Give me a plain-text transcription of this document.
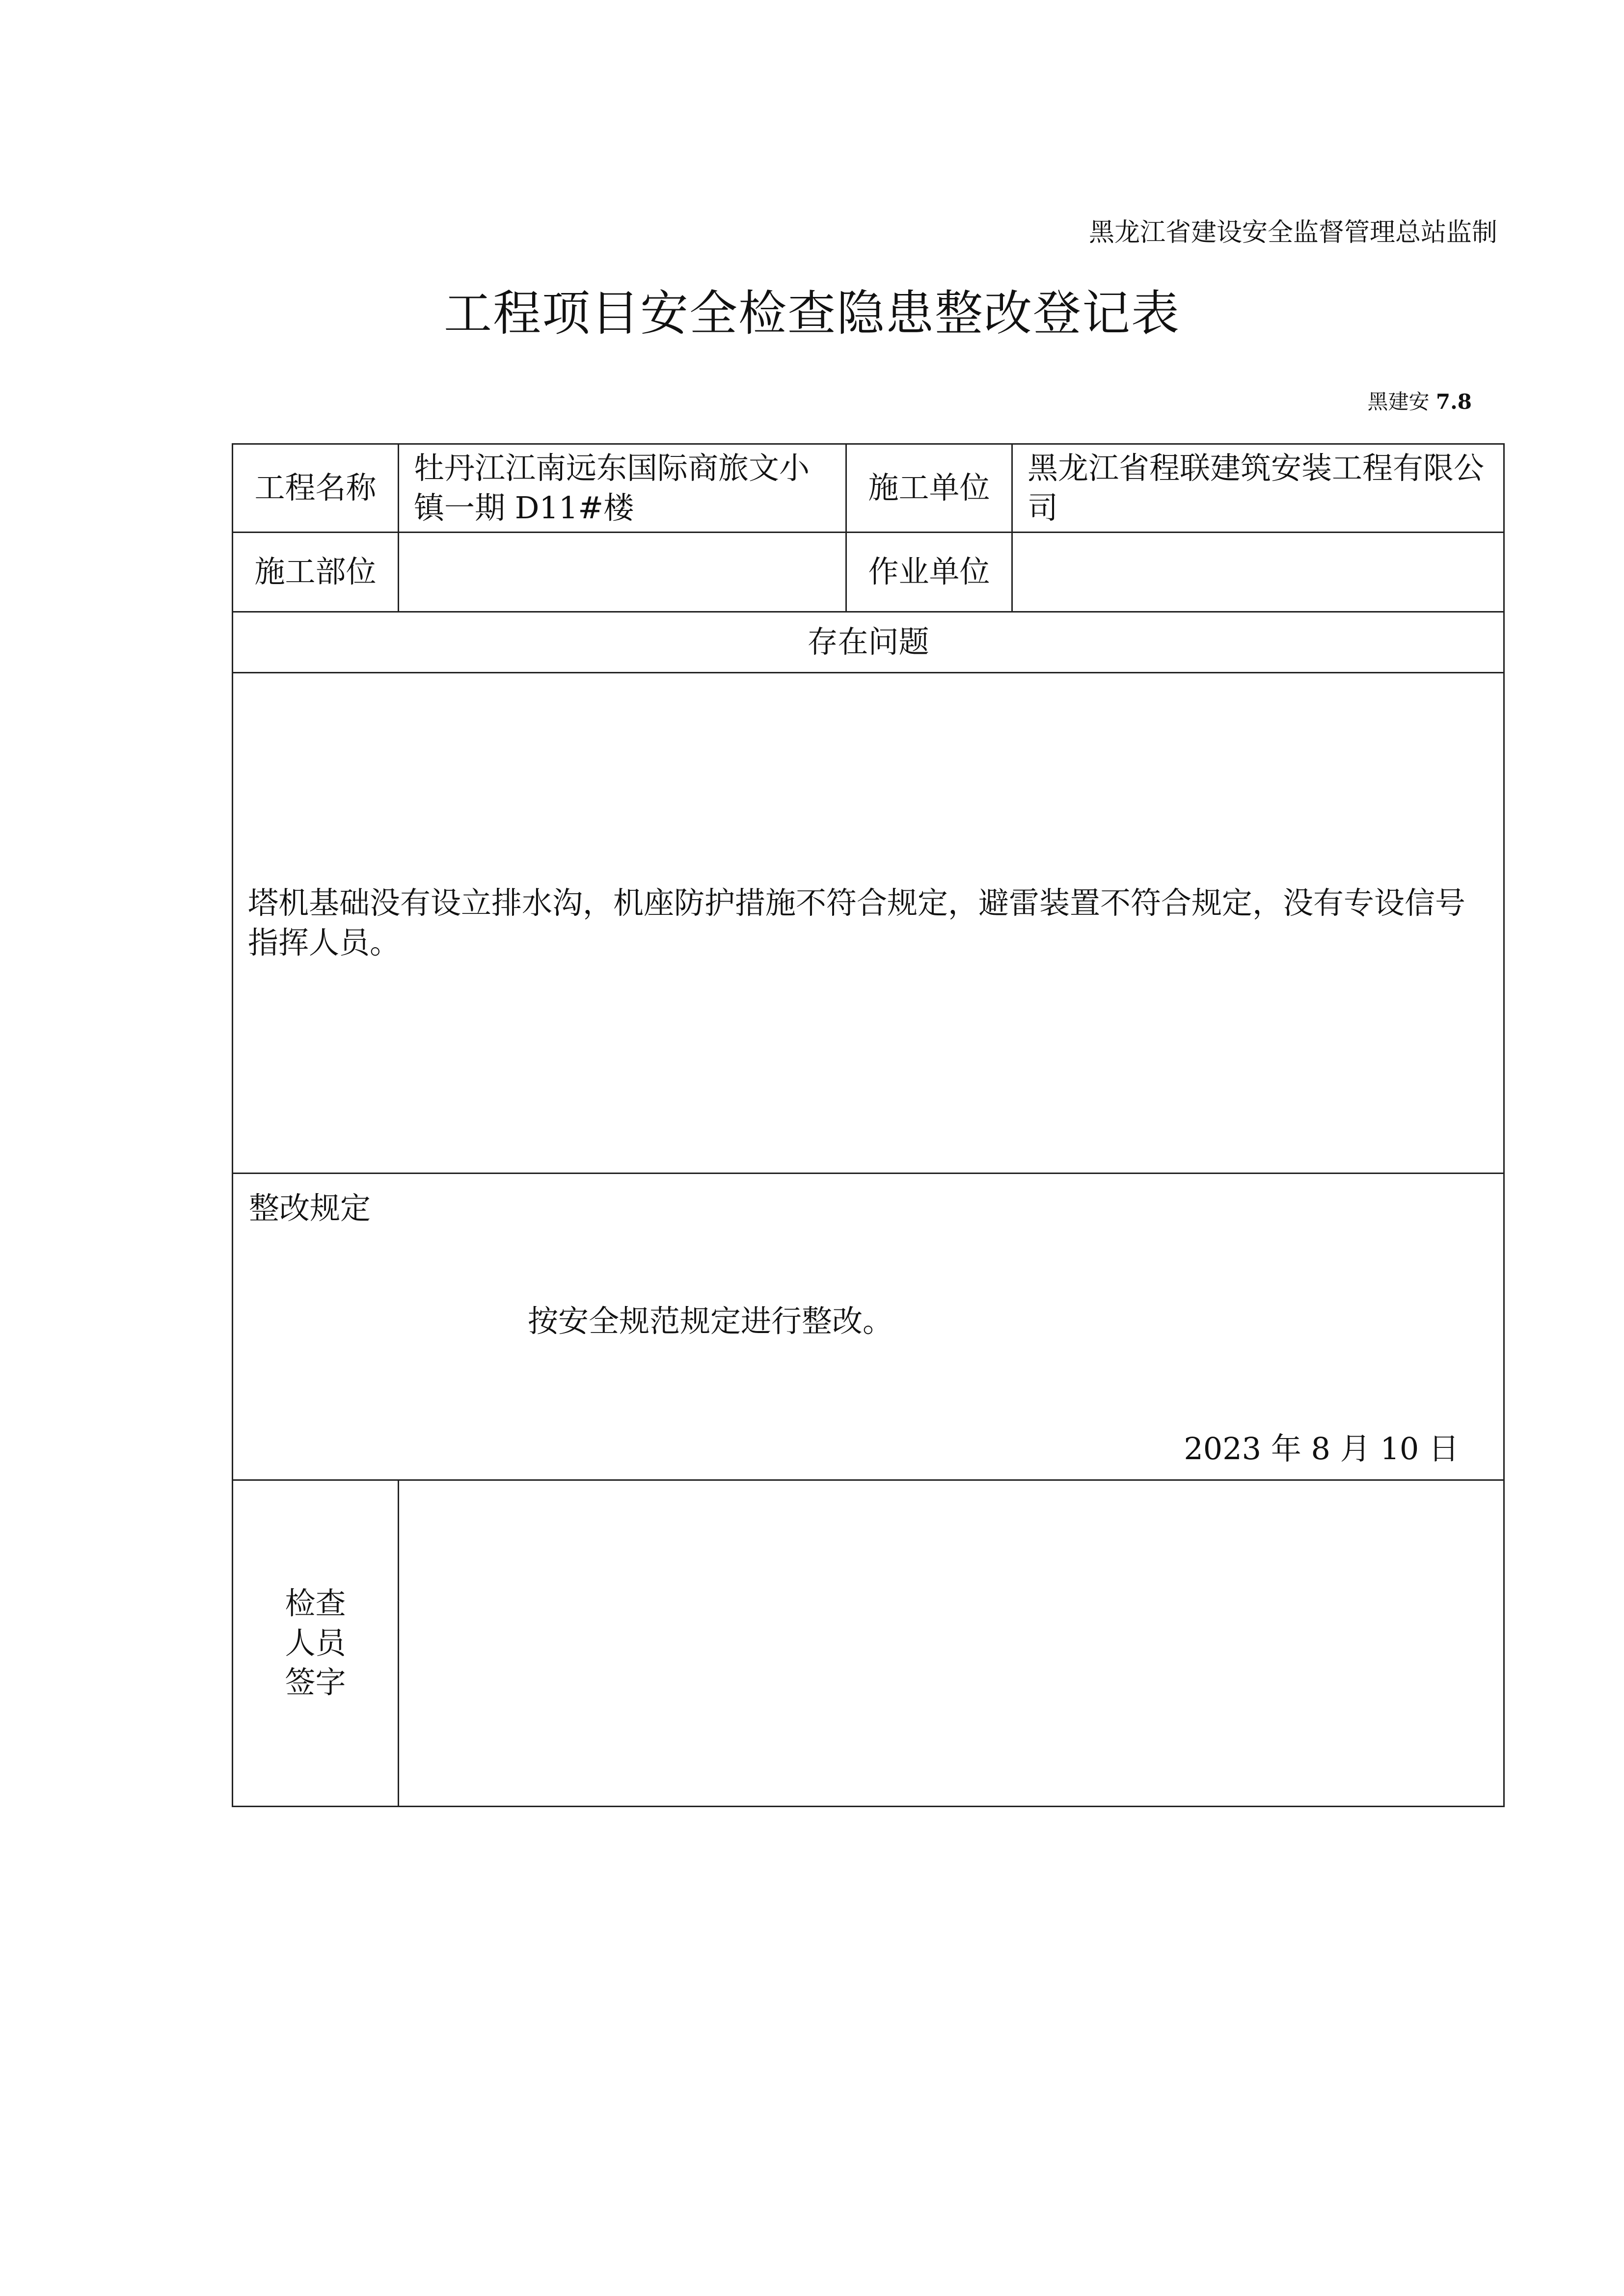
黑龙江省建设安全监督管理总站监制
工程项目安全检查隐患整改登记表
黑建安 7.8
工程名称	牡丹江江南远东国际商旅文小镇一期 D11#楼	施工单位	黑龙江省程联建筑安装工程有限公司
施工部位		作业单位	
存在问题			
塔机基础没有设立排水沟，机座防护措施不符合规定，避雷装置不符合规定，没有专设信号指挥人员。			

整改规定
按安全规范规定进行整改。
2023 年 8 月 10 日			

检查
人员
签字			
